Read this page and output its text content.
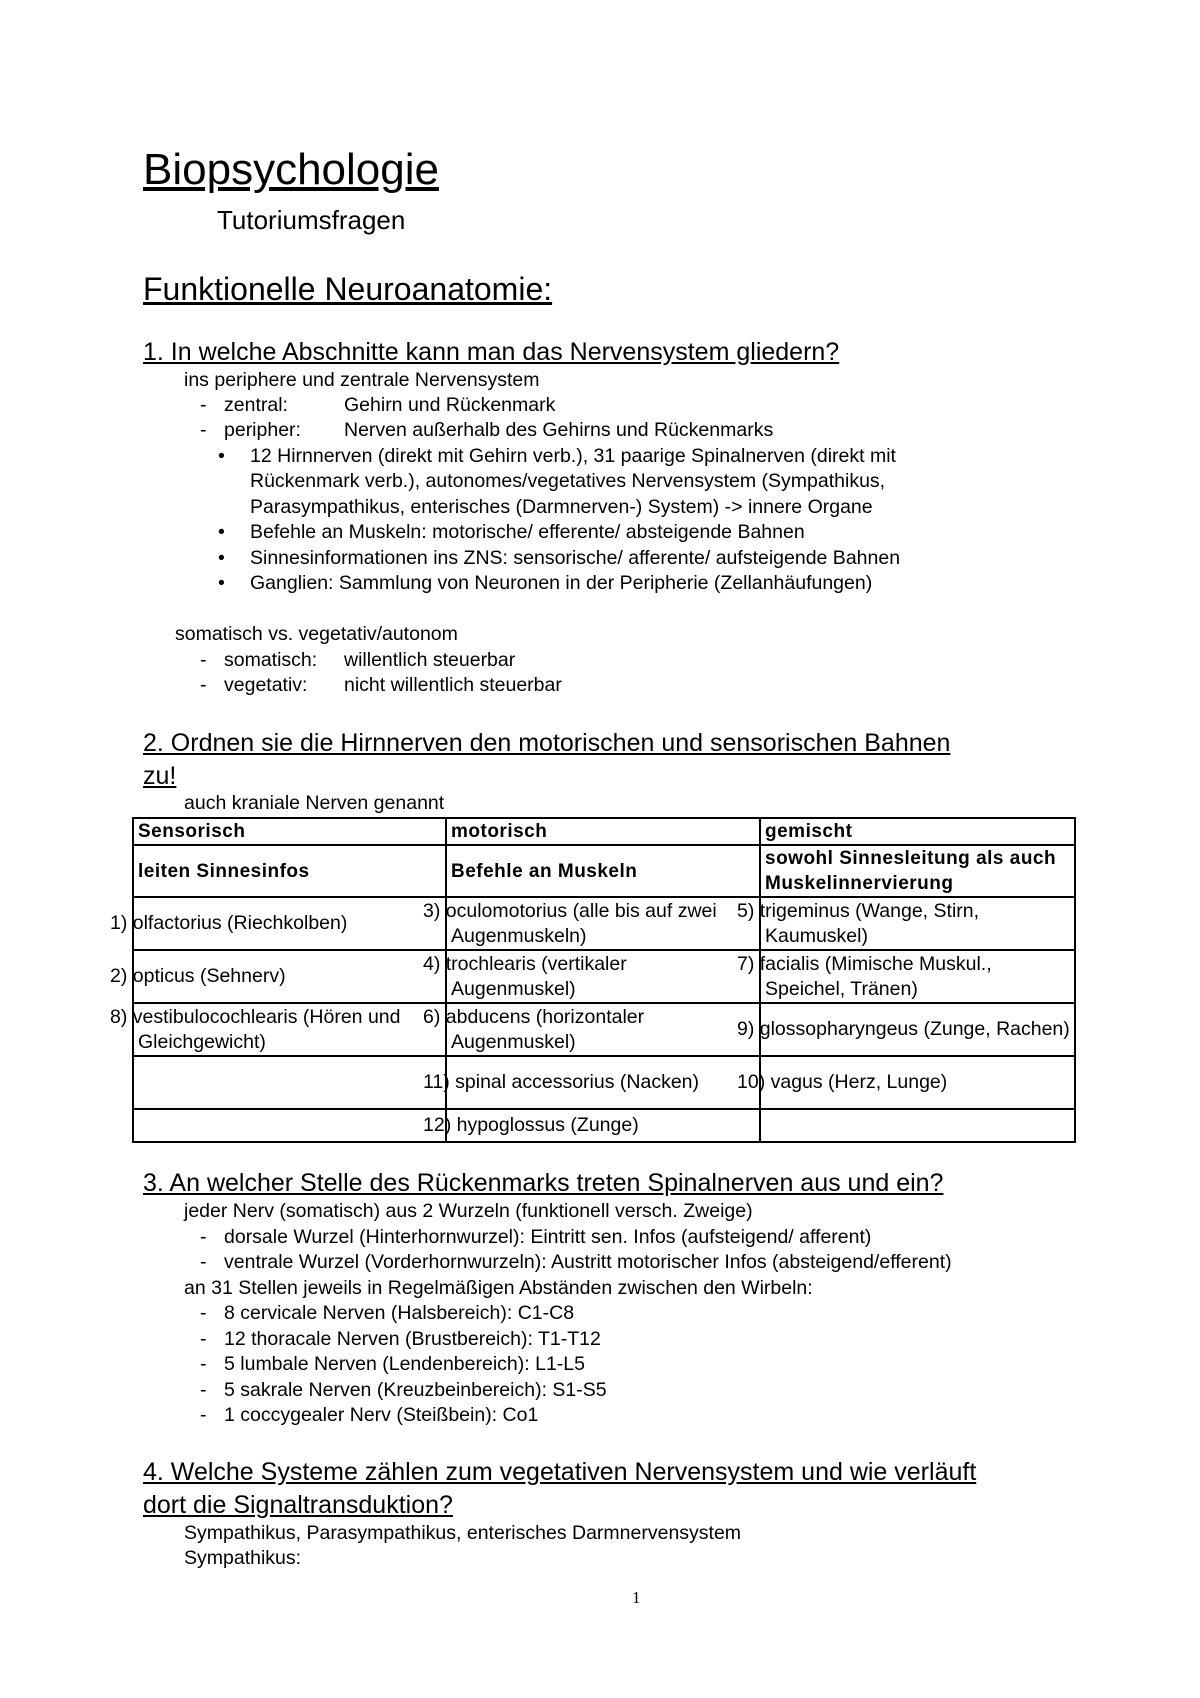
Biopsychologie
Tutoriumsfragen
Funktionelle Neuroanatomie:
1. In welche Abschnitte kann man das Nervensystem gliedern?
ins periphere und zentrale Nervensystem
- zentral:	Gehirn und Rückenmark
- peripher: Nerven außerhalb des Gehirns und Rückenmarks
• 12 Hirnnerven (direkt mit Gehirn verb.), 31 paarige Spinalnerven (direkt mit
Rückenmark verb.), autonomes/vegetatives Nervensystem (Sympathikus,
Parasympathikus, enterisches (Darmnerven-) System) -> innere Organe
• Befehle an Muskeln: motorische/ efferente/ absteigende Bahnen
• Sinnesinformationen ins ZNS: sensorische/ afferente/ aufsteigende Bahnen
• Ganglien: Sammlung von Neuronen in der Peripherie (Zellanhäufungen)
somatisch vs. vegetativ/autonom
- somatisch: willentlich steuerbar
- vegetativ: nicht willentlich steuerbar
2. Ordnen sie die Hirnnerven den motorischen und sensorischen Bahnen zu!
auch kraniale Nerven genannt
Sensorisch	motorisch	gemischt
leiten Sinnesinfos	Befehle an Muskeln	sowohl Sinnesleitung als auch Muskelinnervierung
1) olfactorius (Riechkolben)	3) oculomotorius (alle bis auf zwei Augenmuskeln)	5) trigeminus (Wange, Stirn, Kaumuskel)
2) opticus (Sehnerv)	4) trochlearis (vertikaler Augenmuskel)	7) facialis (Mimische Muskul., Speichel, Tränen)
8) vestibulocochlearis (Hören und Gleichgewicht)	6) abducens (horizontaler Augenmuskel)	9) glossopharyngeus (Zunge, Rachen)
	11) spinal accessorius (Nacken)	10) vagus (Herz, Lunge)
	12) hypoglossus (Zunge)	
3. An welcher Stelle des Rückenmarks treten Spinalnerven aus und ein?
jeder Nerv (somatisch) aus 2 Wurzeln (funktionell versch. Zweige)
- dorsale Wurzel (Hinterhornwurzel): Eintritt sen. Infos (aufsteigend/ afferent)
- ventrale Wurzel (Vorderhornwurzeln): Austritt motorischer Infos (absteigend/efferent)
an 31 Stellen jeweils in Regelmäßigen Abständen zwischen den Wirbeln:
- 8 cervicale Nerven (Halsbereich): C1-C8
- 12 thoracale Nerven (Brustbereich): T1-T12
- 5 lumbale Nerven (Lendenbereich): L1-L5
- 5 sakrale Nerven (Kreuzbeinbereich): S1-S5
- 1 coccygealer Nerv (Steißbein): Co1
4. Welche Systeme zählen zum vegetativen Nervensystem und wie verläuft dort die Signaltransduktion?
Sympathikus, Parasympathikus, enterisches Darmnervensystem
Sympathikus:
1
